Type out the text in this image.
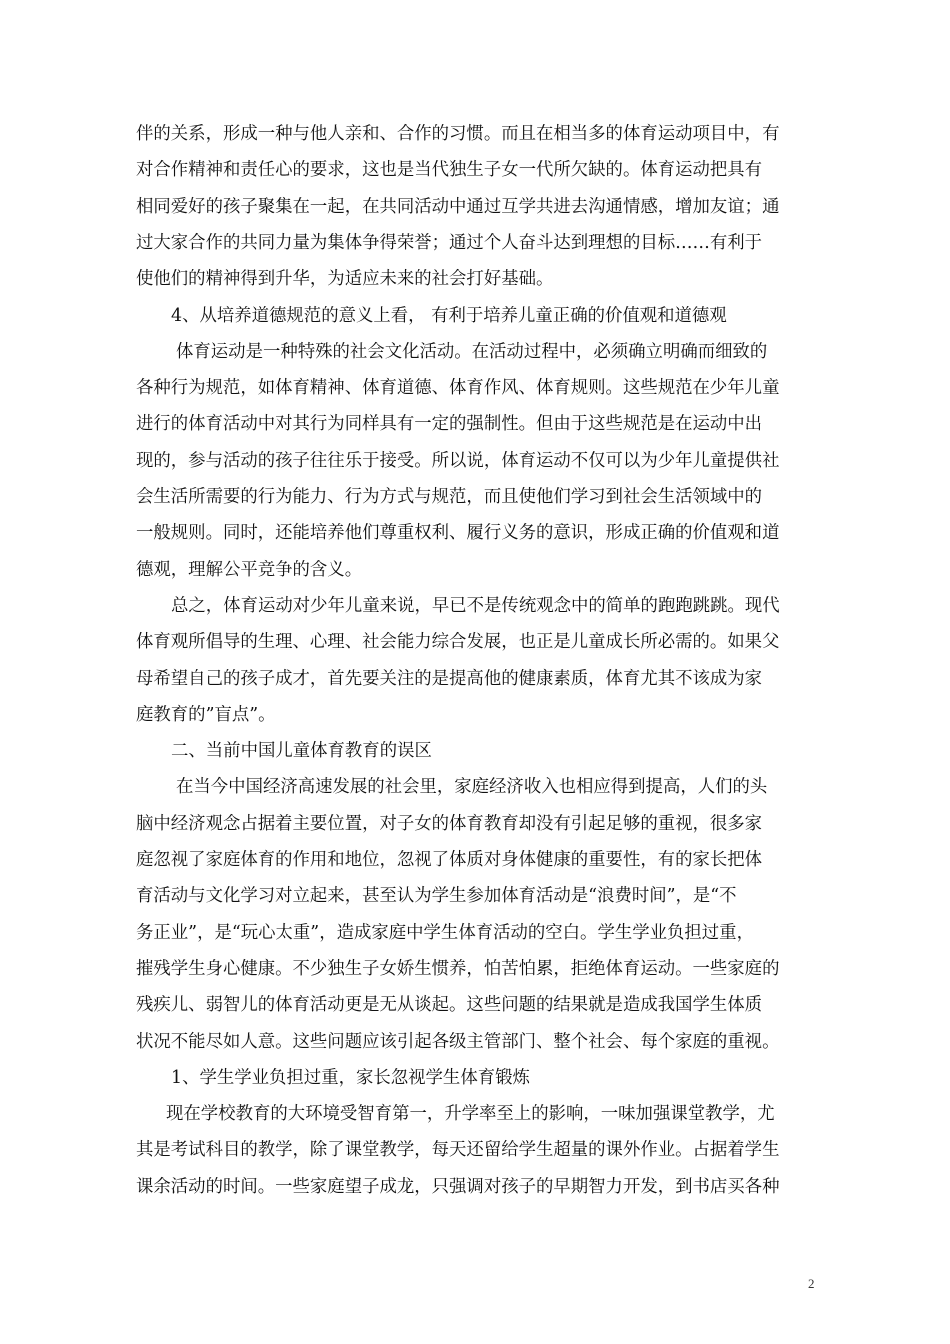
伴的关系，形成一种与他人亲和、合作的习惯。而且在相当多的体育运动项目中，有
对合作精神和责任心的要求，这也是当代独生子女一代所欠缺的。体育运动把具有
相同爱好的孩子聚集在一起，在共同活动中通过互学共进去沟通情感，增加友谊；通
过大家合作的共同力量为集体争得荣誉；通过个人奋斗达到理想的目标……有利于
使他们的精神得到升华，为适应未来的社会打好基础。
4、从培养道德规范的意义上看， 有利于培养儿童正确的价值观和道德观
体育运动是一种特殊的社会文化活动。在活动过程中，必须确立明确而细致的
各种行为规范，如体育精神、体育道德、体育作风、体育规则。这些规范在少年儿童
进行的体育活动中对其行为同样具有一定的强制性。但由于这些规范是在运动中出
现的，参与活动的孩子往往乐于接受。所以说，体育运动不仅可以为少年儿童提供社
会生活所需要的行为能力、行为方式与规范，而且使他们学习到社会生活领域中的
一般规则。同时，还能培养他们尊重权利、履行义务的意识，形成正确的价值观和道
德观，理解公平竞争的含义。
总之，体育运动对少年儿童来说，早已不是传统观念中的简单的跑跑跳跳。现代
体育观所倡导的生理、心理、社会能力综合发展，也正是儿童成长所必需的。如果父
母希望自己的孩子成才，首先要关注的是提高他的健康素质，体育尤其不该成为家
庭教育的”盲点”。
二、当前中国儿童体育教育的误区
在当今中国经济高速发展的社会里，家庭经济收入也相应得到提高，人们的头
脑中经济观念占据着主要位置，对子女的体育教育却没有引起足够的重视，很多家
庭忽视了家庭体育的作用和地位，忽视了体质对身体健康的重要性，有的家长把体
育活动与文化学习对立起来，甚至认为学生参加体育活动是“浪费时间”，是“不
务正业”，是“玩心太重”，造成家庭中学生体育活动的空白。学生学业负担过重，
摧残学生身心健康。不少独生子女娇生惯养，怕苦怕累，拒绝体育运动。一些家庭的
残疾儿、弱智儿的体育活动更是无从谈起。这些问题的结果就是造成我国学生体质
状况不能尽如人意。这些问题应该引起各级主管部门、整个社会、每个家庭的重视。
1、学生学业负担过重，家长忽视学生体育锻炼
现在学校教育的大环境受智育第一，升学率至上的影响，一味加强课堂教学，尤
其是考试科目的教学，除了课堂教学，每天还留给学生超量的课外作业。占据着学生
课余活动的时间。一些家庭望子成龙，只强调对孩子的早期智力开发，到书店买各种
2
